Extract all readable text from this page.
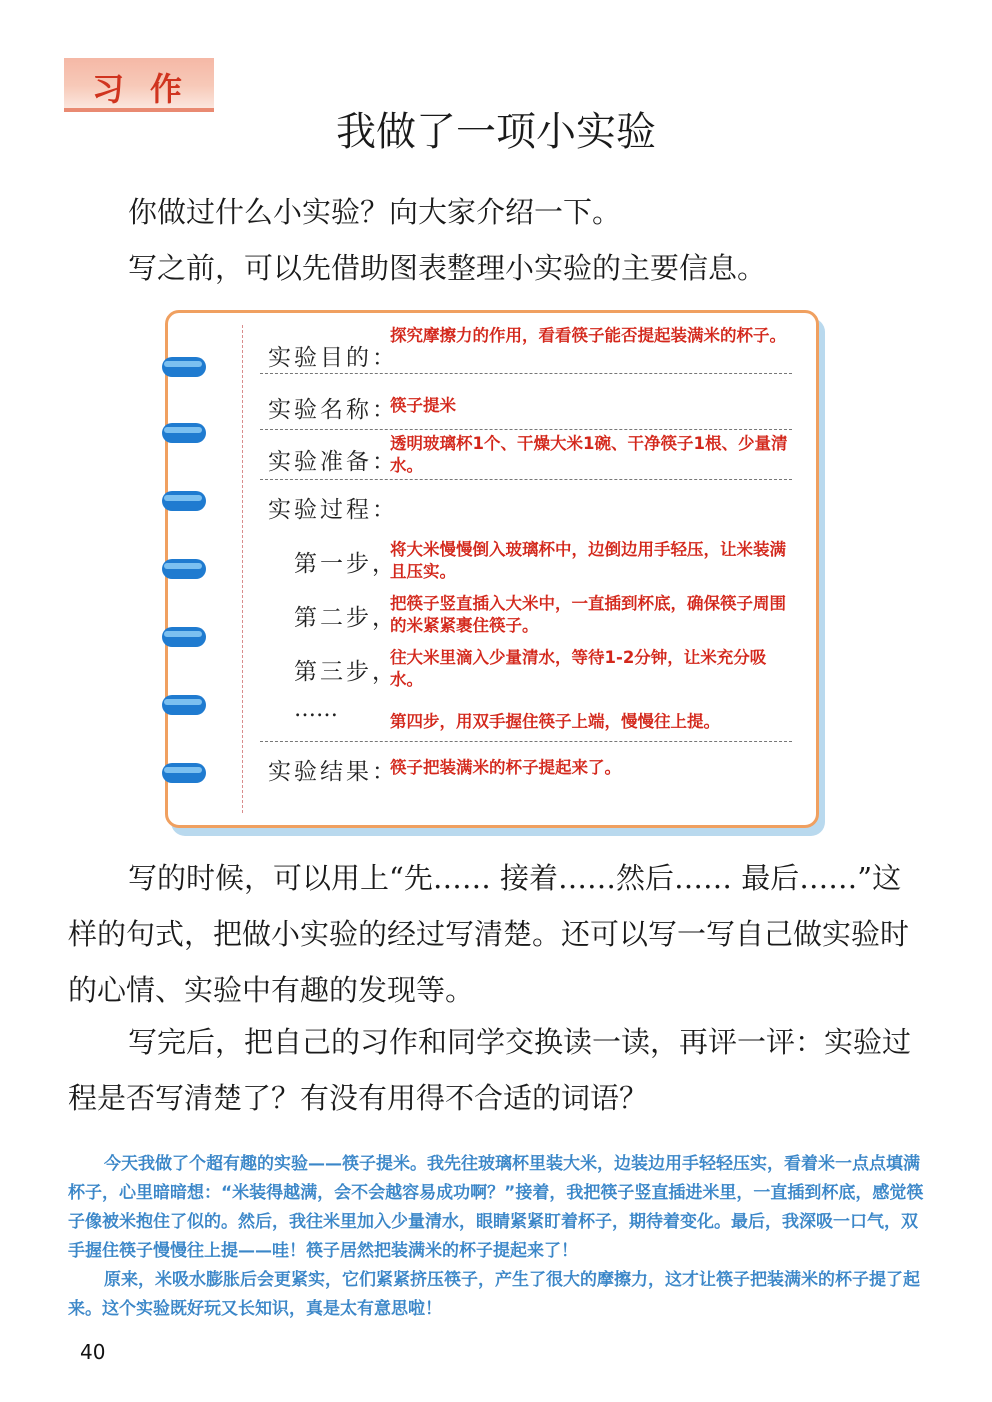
习作
我做了一项小实验
你做过什么小实验？向大家介绍一下。
写之前，可以先借助图表整理小实验的主要信息。
实验目的：
探究摩擦力的作用，看看筷子能否提起装满米的杯子。
实验名称：
筷子提米
实验准备：
透明玻璃杯1个、干燥大米1碗、干净筷子1根、少量清水。
实验过程：
第一步，
将大米慢慢倒入玻璃杯中，边倒边用手轻压，让米装满且压实。
第二步，
把筷子竖直插入大米中，一直插到杯底，确保筷子周围的米紧紧裹住筷子。
第三步，
往大米里滴入少量清水，等待1-2分钟，让米充分吸水。
……	第四步，用双手握住筷子上端，慢慢往上提。
实验结果：
筷子把装满米的杯子提起来了。
写的时候，可以用上“先…… 接着……然后…… 最后……”这样的句式，把做小实验的经过写清楚。还可以写一写自己做实验时的心情、实验中有趣的发现等。
写完后，把自己的习作和同学交换读一读，再评一评：实验过程是否写清楚了？有没有用得不合适的词语？
今天我做了个超有趣的实验——筷子提米。我先往玻璃杯里装大米，边装边用手轻轻压实，看着米一点点填满杯子，心里暗暗想：“米装得越满，会不会越容易成功啊？”接着，我把筷子竖直插进米里，一直插到杯底，感觉筷子像被米抱住了似的。然后，我往米里加入少量清水，眼睛紧紧盯着杯子，期待着变化。最后，我深吸一口气，双手握住筷子慢慢往上提——哇！筷子居然把装满米的杯子提起来了！
原来，米吸水膨胀后会更紧实，它们紧紧挤压筷子，产生了很大的摩擦力，这才让筷子把装满米的杯子提了起来。这个实验既好玩又长知识，真是太有意思啦！
40
